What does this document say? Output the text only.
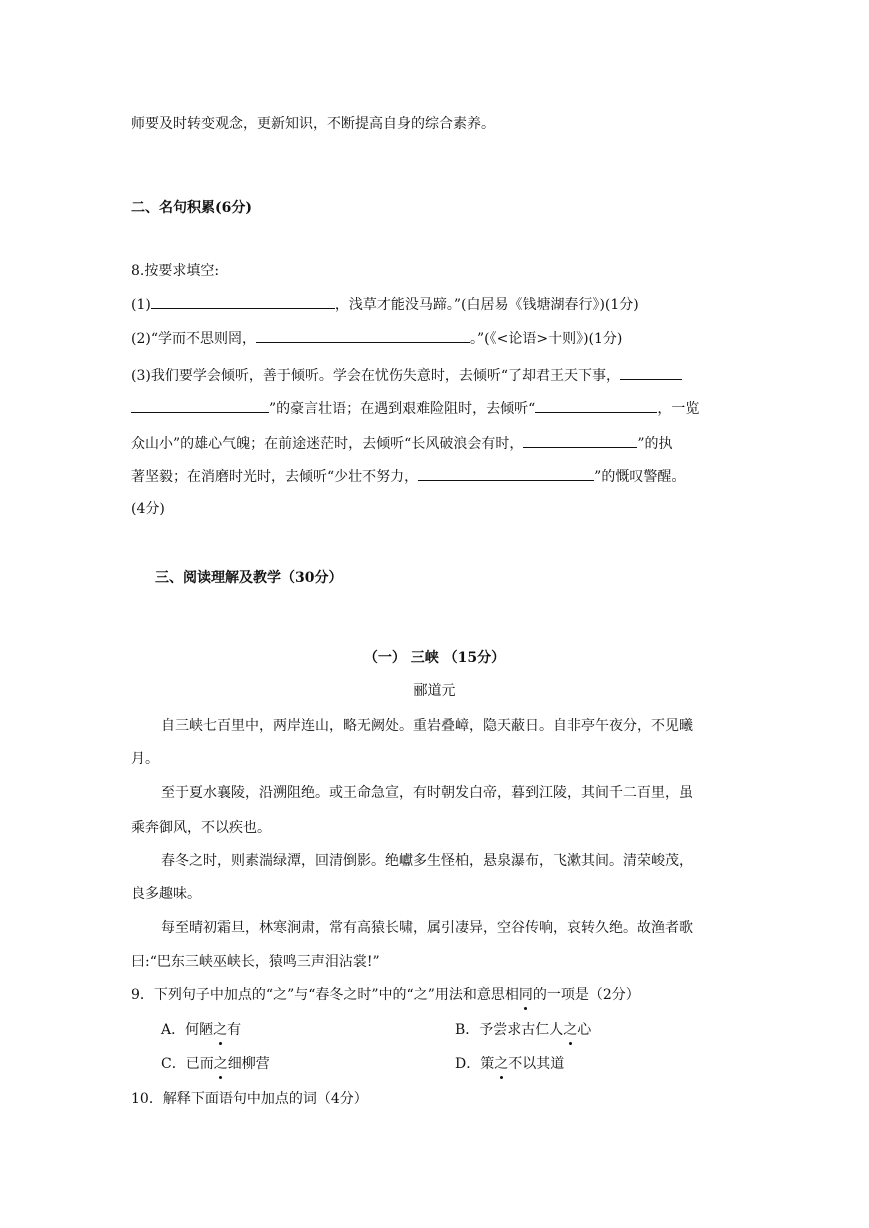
师要及时转变观念，更新知识，不断提高自身的综合素养。
二、名句积累(6分)
8.按要求填空:
(1)	，浅草才能没马蹄。”(白居易《钱塘湖春行》)(1分)
(2)“学而不思则罔，	。”(《<论语>十则》)(1分)
(3)我们要学会倾听，善于倾听。学会在忧伤失意时，去倾听“了却君王天下事，
”的豪言壮语；在遇到艰难险阻时，去倾听“	，一览
众山小”的雄心气魄；在前途迷茫时，去倾听“长风破浪会有时，	”的执
著坚毅；在消磨时光时，去倾听“少壮不努力，	”的慨叹警醒。
(4分)
三、阅读理解及教学（30分）
（一） 三峡 （15分）
郦道元
自三峡七百里中，两岸连山，略无阙处。重岩叠嶂，隐天蔽日。自非亭午夜分，不见曦
月。
至于夏水襄陵，沿溯阻绝。或王命急宣，有时朝发白帝，暮到江陵，其间千二百里，虽
乘奔御风，不以疾也。
春冬之时，则素湍绿潭，回清倒影。绝巘多生怪柏，悬泉瀑布，飞漱其间。清荣峻茂，
良多趣味。
每至晴初霜旦，林寒涧肃，常有高猿长啸，属引凄异，空谷传响，哀转久绝。故渔者歌
曰:“巴东三峡巫峡长，猿鸣三声泪沾裳!”
9．下列句子中加点的“之”与“春冬之时”中的“之”用法和意思相同的一项是（2分）
A．何陋之有	B．予尝求古仁人之心
C．已而之细柳营	D．策之不以其道
10．解释下面语句中加点的词（4分）
